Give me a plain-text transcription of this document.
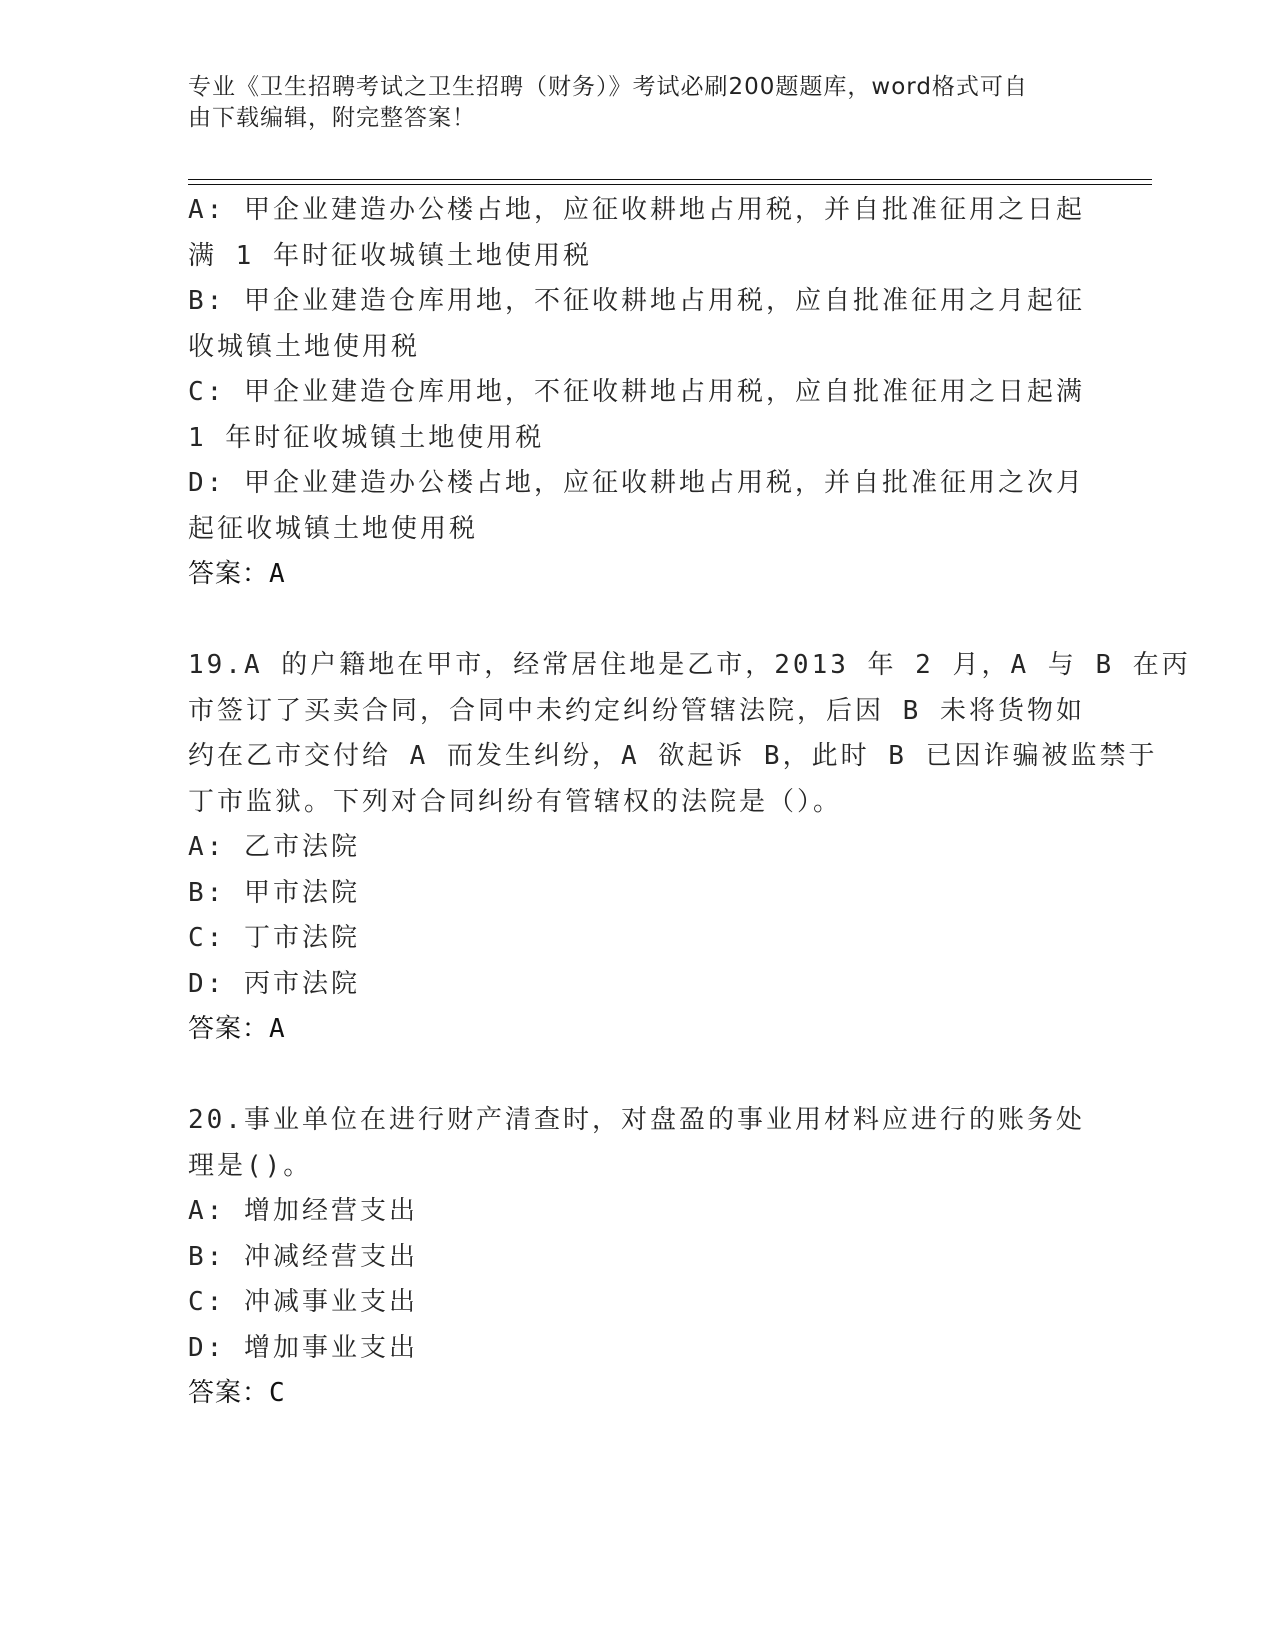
专业《卫生招聘考试之卫生招聘（财务）》考试必刷200题题库，word格式可自
由下载编辑，附完整答案！
A: 甲企业建造办公楼占地，应征收耕地占用税，并自批准征用之日起
满 1 年时征收城镇土地使用税
B: 甲企业建造仓库用地，不征收耕地占用税，应自批准征用之月起征
收城镇土地使用税
C: 甲企业建造仓库用地，不征收耕地占用税，应自批准征用之日起满
1 年时征收城镇土地使用税
D: 甲企业建造办公楼占地，应征收耕地占用税，并自批准征用之次月
起征收城镇土地使用税
答案：A
19.A 的户籍地在甲市，经常居住地是乙市，2013 年 2 月，A 与 B 在丙
市签订了买卖合同，合同中未约定纠纷管辖法院，后因 B 未将货物如
约在乙市交付给 A 而发生纠纷，A 欲起诉 B，此时 B 已因诈骗被监禁于
丁市监狱。下列对合同纠纷有管辖权的法院是（）。
A: 乙市法院
B: 甲市法院
C: 丁市法院
D: 丙市法院
答案：A
20.事业单位在进行财产清查时，对盘盈的事业用材料应进行的账务处
理是()。
A: 增加经营支出
B: 冲减经营支出
C: 冲减事业支出
D: 增加事业支出
答案：C
